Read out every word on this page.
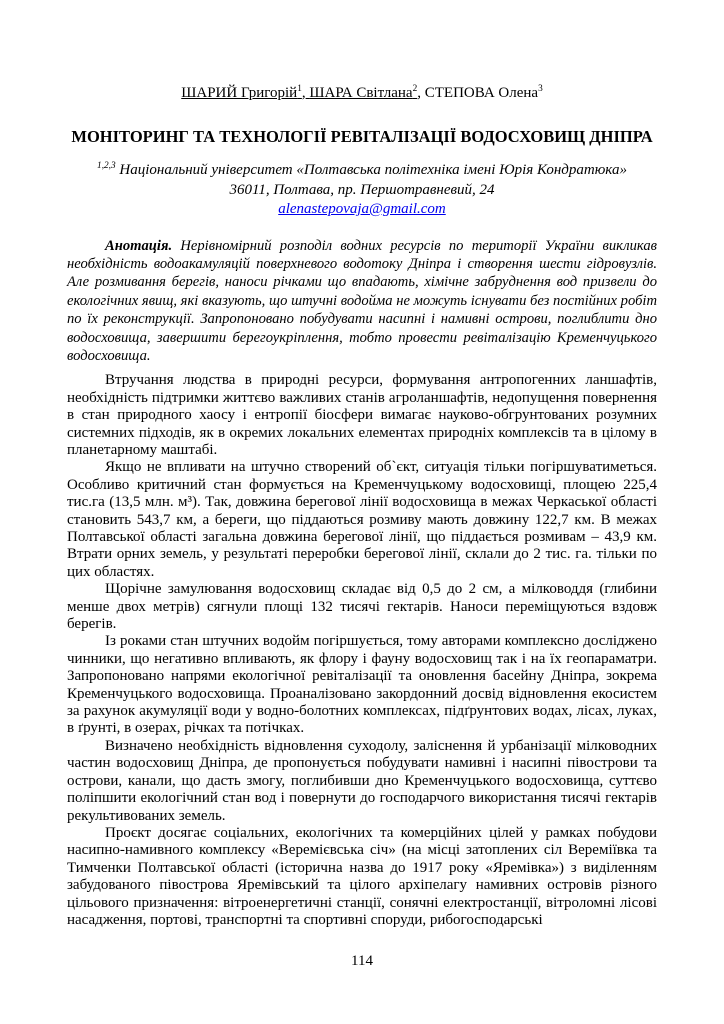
ШАРИЙ Григорій$^1$, ШАРА Світлана$^2$, СТЕПОВА Олена$^3$
МОНІТОРИНГ ТА ТЕХНОЛОГІЇ РЕВІТАЛІЗАЦІЇ ВОДОСХОВИЩ ДНІПРА
$^{1,2,3}$ Національний університет «Полтавська політехніка імені Юрія Кондратюка»
36011, Полтава, пр. Першотравневий, 24
alenastepovaja@gmail.com

Анотація. Нерівномірний розподіл водних ресурсів по території України викликав необхідність водоакамуляцій поверхневого водотоку Дніпра і створення шести гідровузлів. Але розмивання берегів, наноси річками що впадають, хімічне забруднення вод призвели до екологічних явищ, які вказують, що штучні водойма не можуть існувати без постійних робіт по їх реконструкції. Запропоновано побудувати насипні і намивні острови, поглиблити дно водосховища, завершити берегоукріплення, тобто провести ревіталізацію Кременчуцького водосховища.

Втручання людства в природні ресурси, формування антропогенних ланшафтів, необхідність підтримки життєво важливих станів агроланшафтів, недопущення повернення в стан природного хаосу і ентропії біосфери вимагає науково-обгрунтованих розумних системних підходів, як в окремих локальних елементах природніх комплексів та в цілому в планетарному маштабі.

Якщо не впливати на штучно створений об`єкт, ситуація тільки погіршуватиметься. Особливо критичний стан формується на Кременчуцькому водосховищі, площею 225,4 тис.га (13,5 млн. м³). Так, довжина берегової лінії водосховища в межах Черкаської області становить 543,7 км, а береги, що піддаються розмиву мають довжину 122,7 км. В межах Полтавської області загальна довжина берегової лінії, що піддається розмивам – 43,9 км. Втрати орних земель, у результаті переробки берегової лінії, склали до 2 тис. га. тільки по цих областях.

Щорічне замулювання водосховищ складає від 0,5 до 2 см, а мілководдя (глибини менше двох метрів) сягнули площі 132 тисячі гектарів. Наноси переміщуються вздовж берегів.

Із роками стан штучних водойм погіршується, тому авторами комплексно досліджено чинники, що негативно впливають, як флору і фауну водосховищ так і на їх геопараматри. Запропоновано напрями екологічної ревіталізації та оновлення басейну Дніпра, зокрема Кременчуцького водосховища. Проаналізовано закордонний досвід відновлення екосистем за рахунок акумуляції води у водно-болотних комплексах, підґрунтових водах, лісах, луках, в ґрунті, в озерах, річках та потічках.

Визначено необхідність відновлення суходолу, заліснення й урбанізації мілководних частин водосховищ Дніпра, де пропонується побудувати намивні і насипні півострови та острови, канали, що дасть змогу, поглибивши дно Кременчуцького водосховища, суттєво поліпшити екологічний стан вод і повернути до господарчого використання тисячі гектарів рекультивованих земель.

Проєкт досягає соціальних, екологічних та комерційних цілей у рамках побудови насипно-намивного комплексу «Веремієвська січ» (на місці затоплених сіл Вереміївка та Тимченки Полтавської області (історична назва до 1917 року «Яремівка») з виділенням забудованого півострова Яремівський та цілого архіпелагу намивних островів різного цільового призначення: вітроенергетичні станції, сонячні електростанції, вітроломні лісові насадження, портові, транспортні та спортивні споруди, рибогосподарські

114
